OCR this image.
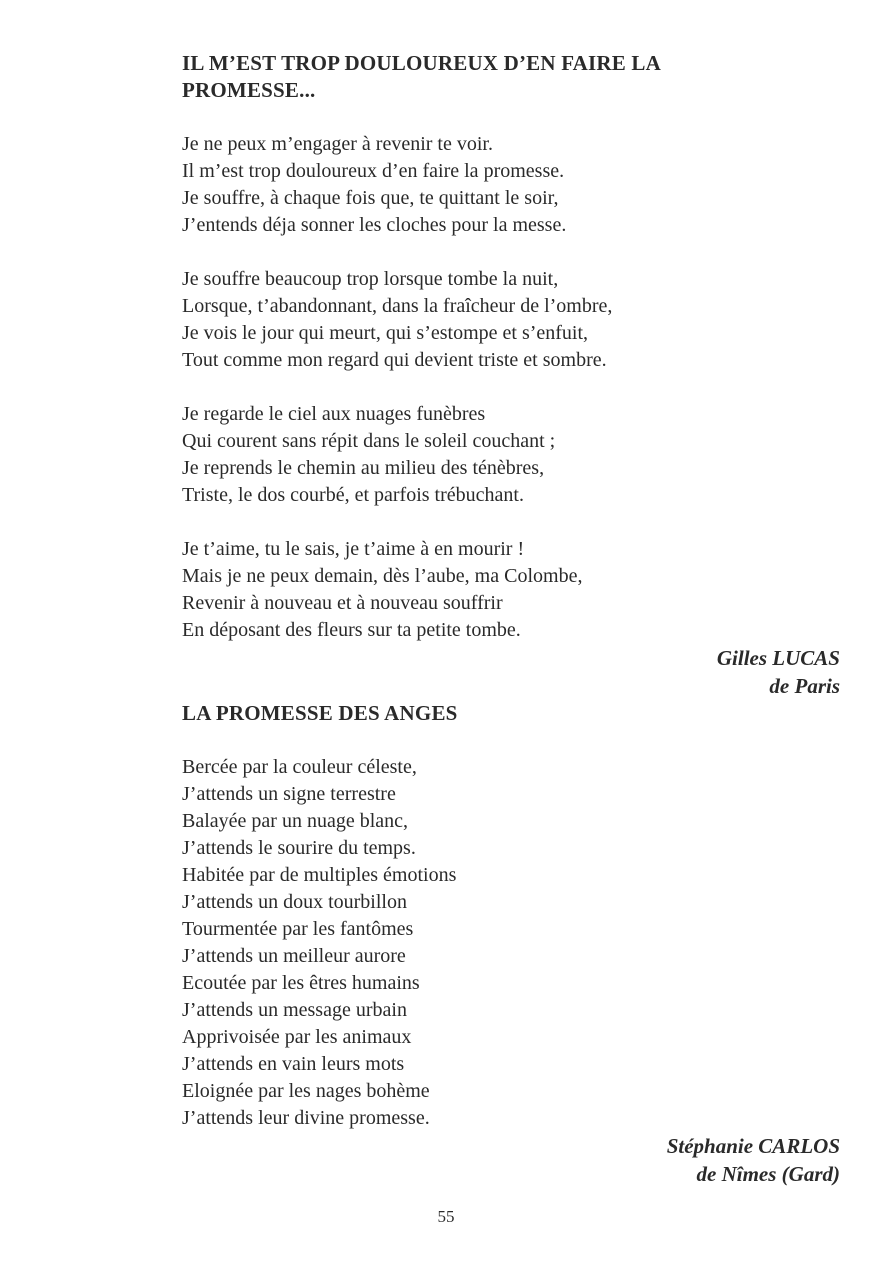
IL M’EST TROP DOULOUREUX D’EN FAIRE LA
PROMESSE...

Je ne peux m’engager à revenir te voir.
Il m’est trop douloureux d’en faire la promesse.
Je souffre, à chaque fois que, te quittant le soir,
J’entends déja sonner les cloches pour la messe.

Je souffre beaucoup trop lorsque tombe la nuit,
Lorsque, t’abandonnant, dans la fraîcheur de l’ombre,
Je vois le jour qui meurt, qui s’estompe et s’enfuit,
Tout comme mon regard qui devient triste et sombre.

Je regarde le ciel aux nuages funèbres
Qui courent sans répit dans le soleil couchant ;
Je reprends le chemin au milieu des ténèbres,
Triste, le dos courbé, et parfois trébuchant.

Je t’aime, tu le sais, je t’aime à en mourir !
Mais je ne peux demain, dès l’aube, ma Colombe,
Revenir à nouveau et à nouveau souffrir
En déposant des fleurs sur ta petite tombe.

Gilles LUCAS
de Paris

LA PROMESSE DES ANGES

Bercée par la couleur céleste,
J’attends un signe terrestre
Balayée par un nuage blanc,
J’attends le sourire du temps.
Habitée par de multiples émotions
J’attends un doux tourbillon
Tourmentée par les fantômes
J’attends un meilleur aurore
Ecoutée par les êtres humains
J’attends un message urbain
Apprivoisée par les animaux
J’attends en vain leurs mots
Eloignée par les nages bohème
J’attends leur divine promesse.

Stéphanie CARLOS
de Nîmes (Gard)

55
